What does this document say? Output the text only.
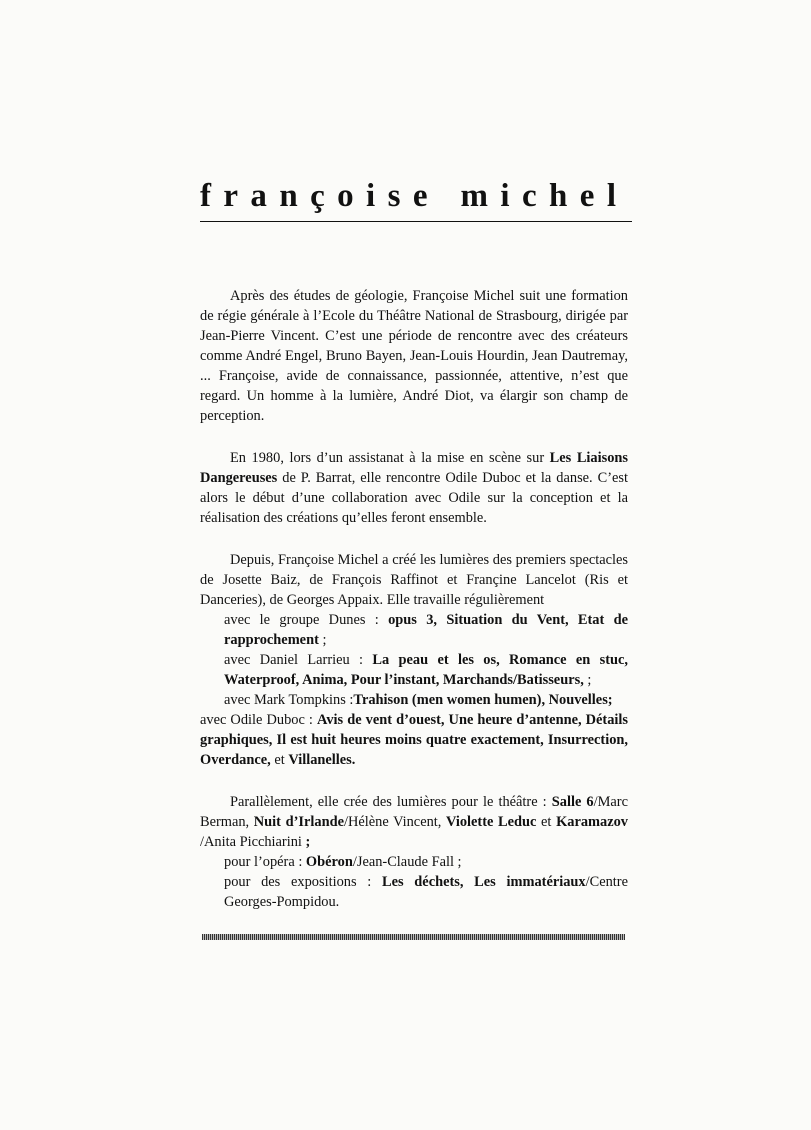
françoise michel

Après des études de géologie, Françoise Michel suit une formation de régie générale à l’Ecole du Théâtre National de Strasbourg, dirigée par Jean-Pierre Vincent. C’est une période de rencontre avec des créateurs comme André Engel, Bruno Bayen, Jean-Louis Hourdin, Jean Dautremay, ... Françoise, avide de connaissance, passionnée, attentive, n’est que regard. Un homme à la lumière, André Diot, va élargir son champ de perception.

En 1980, lors d’un assistanat à la mise en scène sur Les Liaisons Dangereuses de P. Barrat, elle rencontre Odile Duboc et la danse. C’est alors le début d’une collaboration avec Odile sur la conception et la réalisation des créations qu’elles feront ensemble.

Depuis, Françoise Michel a créé les lumières des premiers spectacles de Josette Baiz, de François Raffinot et Françine Lancelot (Ris et Danceries), de Georges Appaix. Elle travaille régulièrement
avec le groupe Dunes : opus 3, Situation du Vent, Etat de rapprochement ;
avec Daniel Larrieu : La peau et les os, Romance en stuc, Waterproof, Anima, Pour l’instant, Marchands/Batisseurs, ;
avec Mark Tompkins :Trahison (men women humen), Nouvelles;
avec Odile Duboc : Avis de vent d’ouest, Une heure d’antenne, Détails graphiques, Il est huit heures moins quatre exactement, Insurrection, Overdance, et Villanelles.

Parallèlement, elle crée des lumières pour le théâtre : Salle 6/Marc Berman, Nuit d’Irlande/Hélène Vincent, Violette Leduc et Karamazov /Anita Picchiarini ;
pour l’opéra : Obéron/Jean-Claude Fall ;
pour des expositions : Les déchets, Les immatériaux/Centre Georges-Pompidou.
